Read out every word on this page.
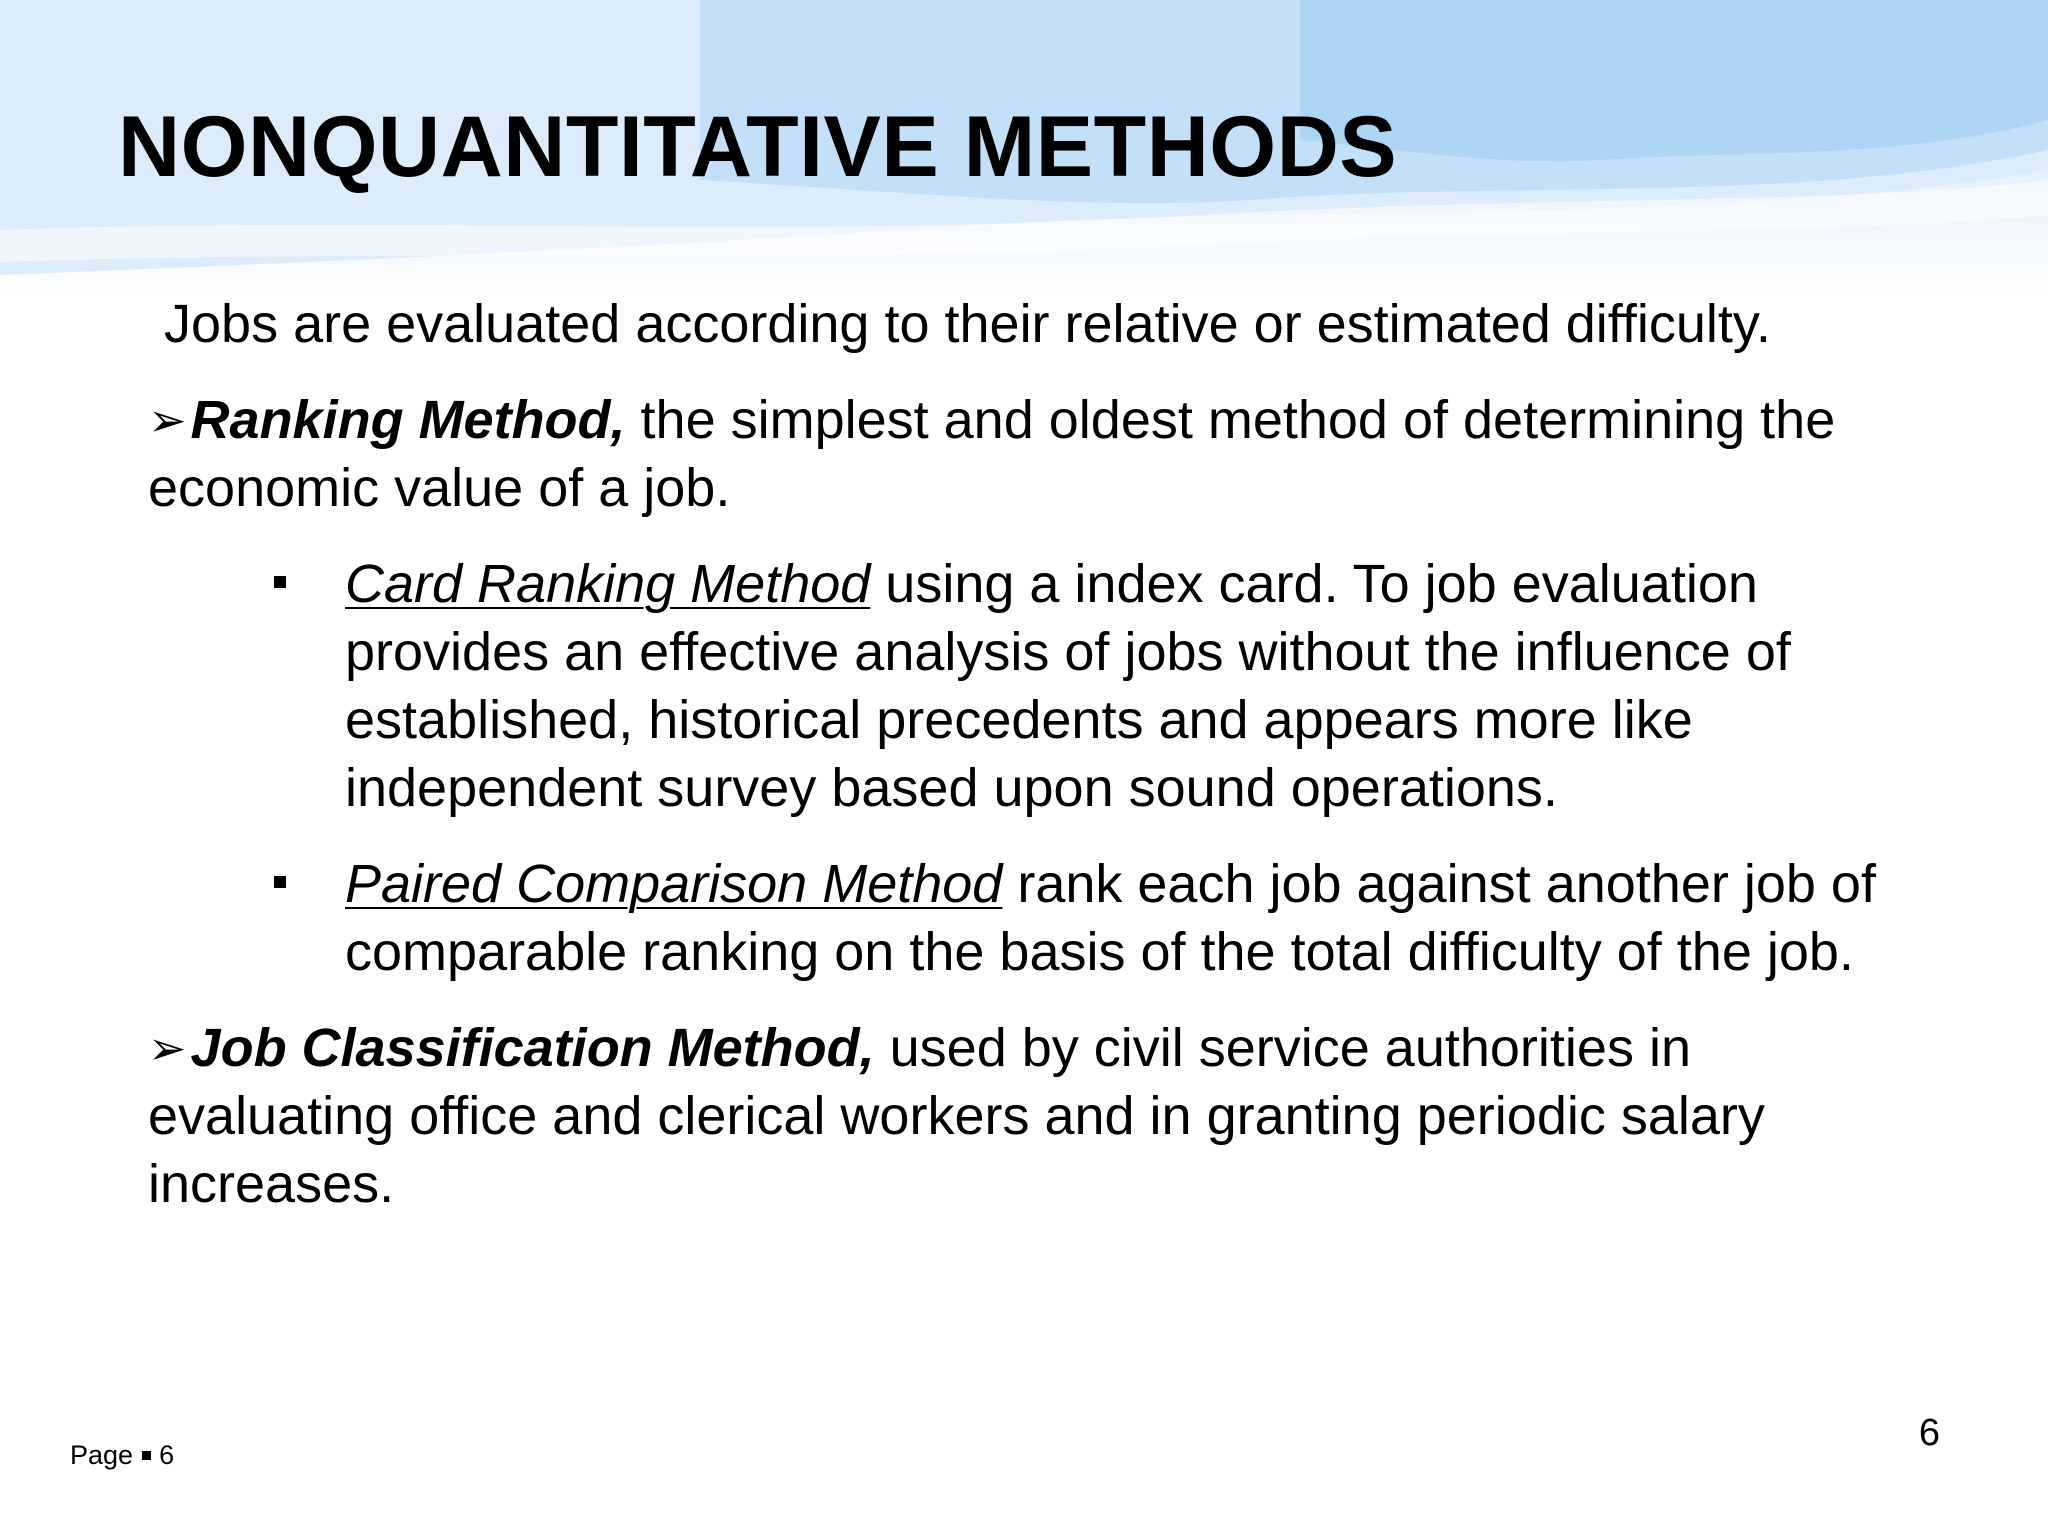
NONQUANTITATIVE METHODS

Jobs are evaluated according to their relative or estimated difficulty.

➢Ranking Method, the simplest and oldest method of determining the economic value of a job.

Card Ranking Method using a index card. To job evaluation provides an effective analysis of jobs without the influence of established, historical precedents and appears more like independent survey based upon sound operations.
Paired Comparison Method rank each job against another job of comparable ranking on the basis of the total difficulty of the job.

➢Job Classification Method, used by civil service authorities in evaluating office and clerical workers and in granting periodic salary increases.

Page 6
6
